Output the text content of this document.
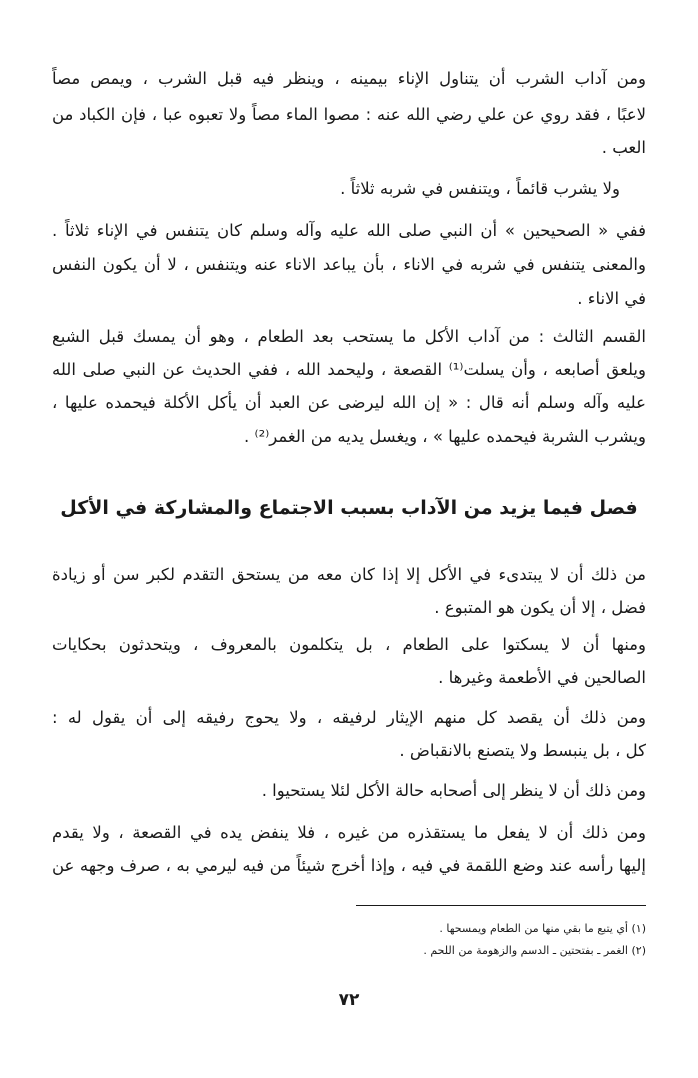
ومن آداب الشرب أن يتناول الإناء بيمينه ، وينظر فيه قبل الشرب ، ويمص مصاً
لاعبًا ، فقد روي عن علي رضي الله عنه : مصوا الماء مصاً ولا تعبوه عبا ، فإن الكباد من
العب .
ولا يشرب قائماً ، ويتنفس في شربه ثلاثاً .
ففي « الصحيحين » أن النبي صلى الله عليه وآله وسلم كان يتنفس في الإناء ثلاثاً .
والمعنى يتنفس في شربه في الاناء ، بأن يباعد الاناء عنه ويتنفس ، لا أن يكون النفس
في الاناء .
القسم الثالث : من آداب الأكل ما يستحب بعد الطعام ، وهو أن يمسك قبل الشبع
ويلعق أصابعه ، وأن يسلت⁽¹⁾ القصعة ، وليحمد الله ، ففي الحديث عن النبي صلى الله
عليه وآله وسلم أنه قال : « إن الله ليرضى عن العبد أن يأكل الأكلة فيحمده عليها ،
ويشرب الشربة فيحمده عليها » ، ويغسل يديه من الغمر⁽²⁾ .
فصل فيما يزيد من الآداب بسبب الاجتماع والمشاركة في الأكل
من ذلك أن لا يبتدىء في الأكل إلا إذا كان معه من يستحق التقدم لكبر سن أو زيادة
فضل ، إلا أن يكون هو المتبوع .
ومنها أن لا يسكتوا على الطعام ، بل يتكلمون بالمعروف ، ويتحدثون بحكايات
الصالحين في الأطعمة وغيرها .
ومن ذلك أن يقصد كل منهم الإيثار لرفيقه ، ولا يحوج رفيقه إلى أن يقول له :
كل ، بل ينبسط ولا يتصنع بالانقباض .
ومن ذلك أن لا ينظر إلى أصحابه حالة الأكل لئلا يستحيوا .
ومن ذلك أن لا يفعل ما يستقذره من غيره ، فلا ينفض يده في القصعة ، ولا يقدم
إليها رأسه عند وضع اللقمة في فيه ، وإذا أخرج شيئاً من فيه ليرمي به ، صرف وجهه عن
(١) أي يتبع ما بقي منها من الطعام ويمسحها .
(٢) الغمر ـ بفتحتين ـ الدسم والزهومة من اللحم .
٧٢
